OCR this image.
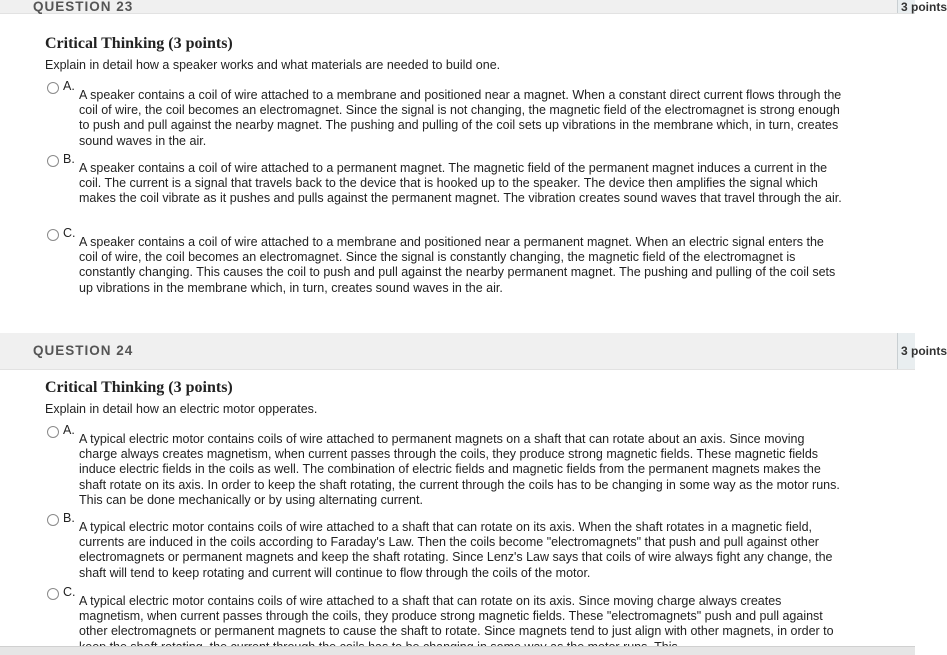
QUESTION 23	3 points
Critical Thinking (3 points)
Explain in detail how a speaker works and what materials are needed to build one.
A.
A speaker contains a coil of wire attached to a membrane and positioned near a magnet. When a constant direct current flows through the coil of wire, the coil becomes an electromagnet. Since the signal is not changing, the magnetic field of the electromagnet is strong enough to push and pull against the nearby magnet. The pushing and pulling of the coil sets up vibrations in the membrane which, in turn, creates sound waves in the air.
B.
A speaker contains a coil of wire attached to a permanent magnet. The magnetic field of the permanent magnet induces a current in the coil. The current is a signal that travels back to the device that is hooked up to the speaker. The device then amplifies the signal which makes the coil vibrate as it pushes and pulls against the permanent magnet. The vibration creates sound waves that travel through the air.
C.
A speaker contains a coil of wire attached to a membrane and positioned near a permanent magnet. When an electric signal enters the coil of wire, the coil becomes an electromagnet. Since the signal is constantly changing, the magnetic field of the electromagnet is constantly changing. This causes the coil to push and pull against the nearby permanent magnet. The pushing and pulling of the coil sets up vibrations in the membrane which, in turn, creates sound waves in the air.
QUESTION 24	3 points
Critical Thinking (3 points)
Explain in detail how an electric motor opperates.
A.
A typical electric motor contains coils of wire attached to permanent magnets on a shaft that can rotate about an axis. Since moving charge always creates magnetism, when current passes through the coils, they produce strong magnetic fields. These magnetic fields induce electric fields in the coils as well. The combination of electric fields and magnetic fields from the permanent magnets makes the shaft rotate on its axis. In order to keep the shaft rotating, the current through the coils has to be changing in some way as the motor runs. This can be done mechanically or by using alternating current.
B.
A typical electric motor contains coils of wire attached to a shaft that can rotate on its axis. When the shaft rotates in a magnetic field, currents are induced in the coils according to Faraday's Law. Then the coils become "electromagnets" that push and pull against other electromagnets or permanent magnets and keep the shaft rotating. Since Lenz's Law says that coils of wire always fight any change, the shaft will tend to keep rotating and current will continue to flow through the coils of the motor.
C.
A typical electric motor contains coils of wire attached to a shaft that can rotate on its axis. Since moving charge always creates magnetism, when current passes through the coils, they produce strong magnetic fields. These "electromagnets" push and pull against other electromagnets or permanent magnets to cause the shaft to rotate. Since magnets tend to just align with other magnets, in order to
